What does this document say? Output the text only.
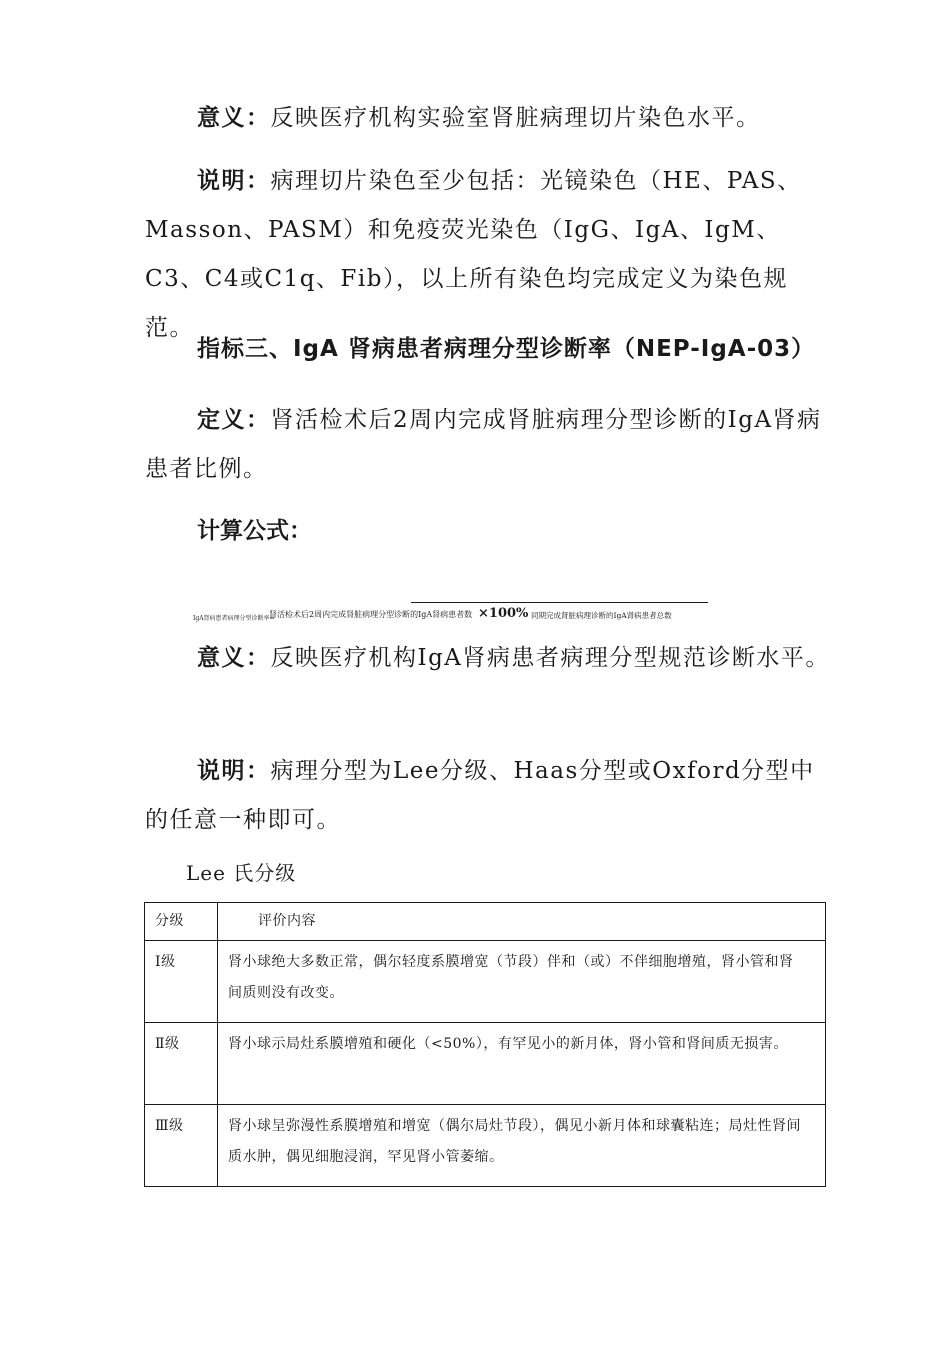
意义：反映医疗机构实验室肾脏病理切片染色水平。

说明：病理切片染色至少包括：光镜染色（HE、PAS、Masson、PASM）和免疫荧光染色（IgG、IgA、IgM、C3、C4或C1q、Fib），以上所有染色均完成定义为染色规范。

指标三、IgA 肾病患者病理分型诊断率（NEP-IgA-03）

定义：肾活检术后2周内完成肾脏病理分型诊断的IgA肾病患者比例。

计算公式：

IgA肾病患者病理分型诊断率=
肾活检术后2周内完成肾脏病理分型诊断的IgA肾病患者数 ×100% 同期完成肾脏病理诊断的IgA肾病患者总数

意义：反映医疗机构IgA肾病患者病理分型规范诊断水平。

说明：病理分型为Lee分级、Haas分型或Oxford分型中的任意一种即可。

Lee 氏分级

分级	评价内容
Ⅰ级	肾小球绝大多数正常，偶尔轻度系膜增宽（节段）伴和（或）不伴细胞增殖，肾小管和肾间质则没有改变。
Ⅱ级	肾小球示局灶系膜增殖和硬化（<50%），有罕见小的新月体，肾小管和肾间质无损害。
Ⅲ级	肾小球呈弥漫性系膜增殖和增宽（偶尔局灶节段），偶见小新月体和球囊粘连；局灶性肾间质水肿，偶见细胞浸润，罕见肾小管萎缩。
